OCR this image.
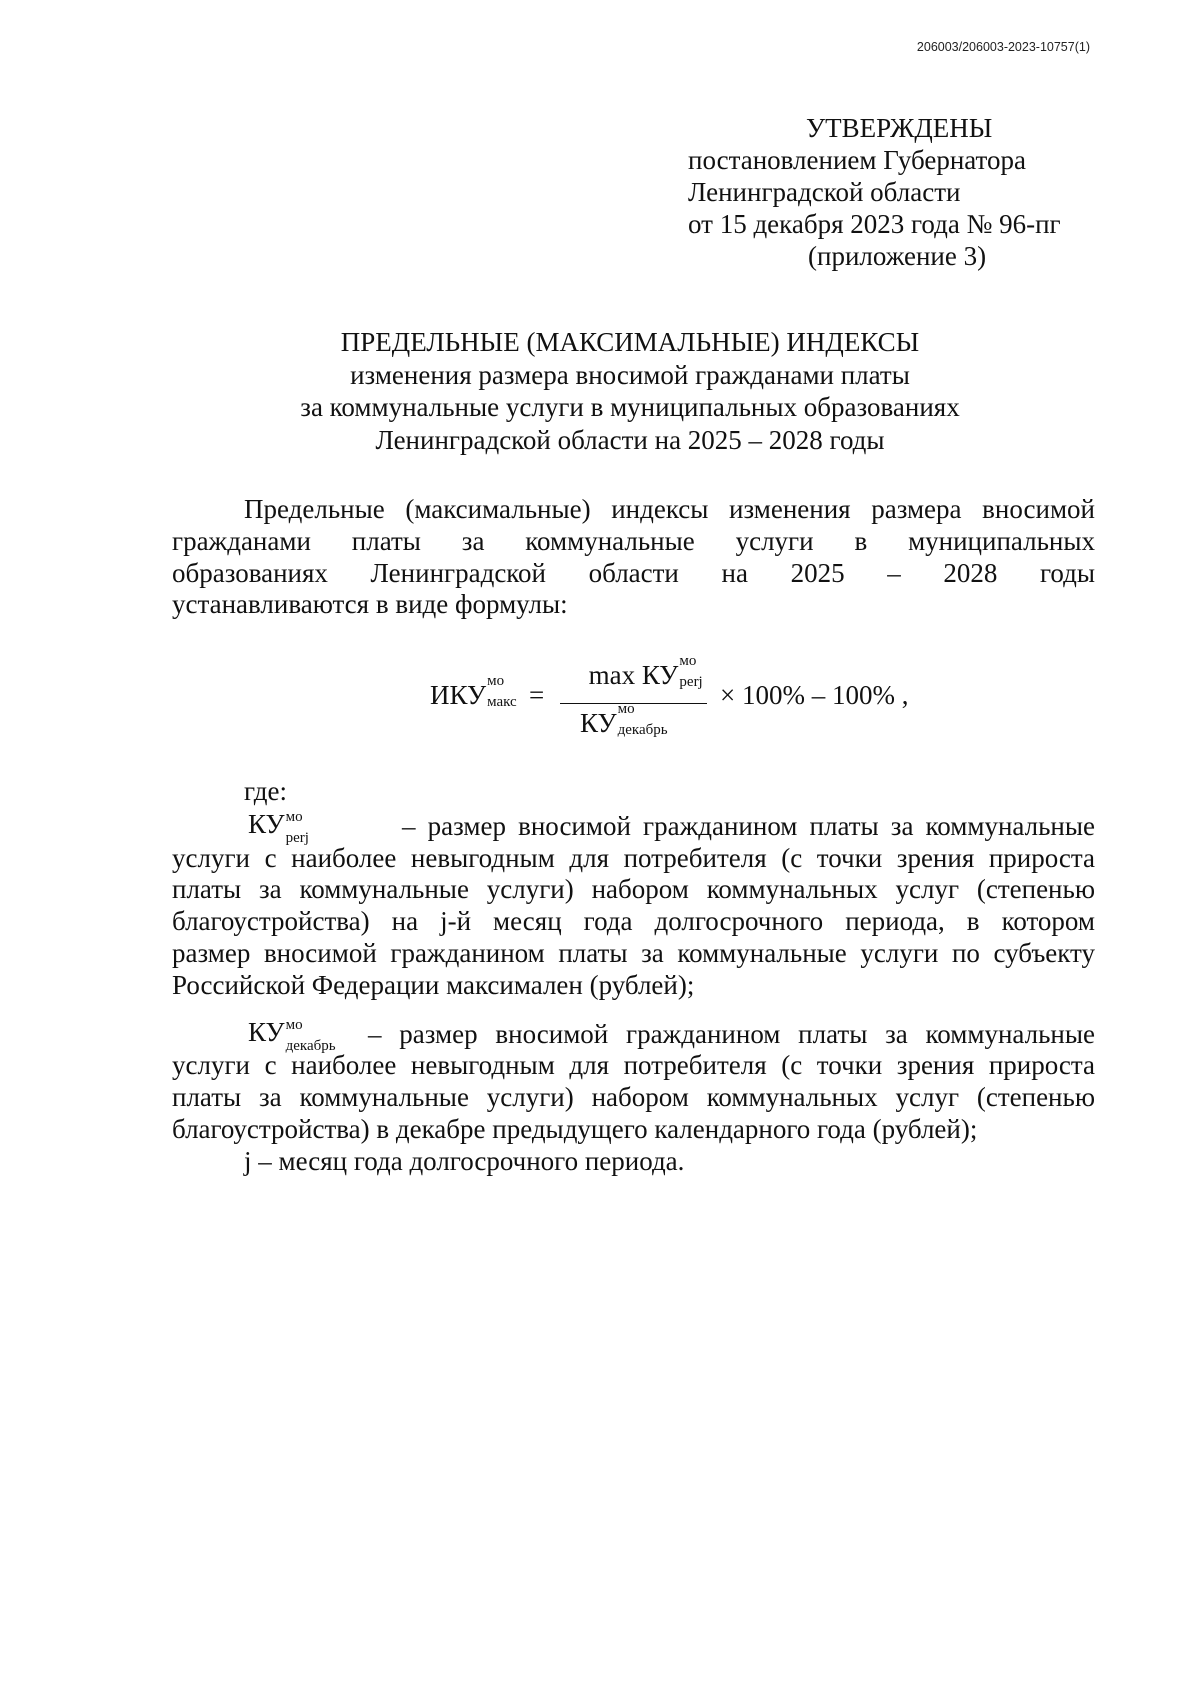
206003/206003-2023-10757(1)
УТВЕРЖДЕНЫ
постановлением Губернатора
Ленинградской области
от 15 декабря 2023 года № 96-пг
(приложение 3)
ПРЕДЕЛЬНЫЕ (МАКСИМАЛЬНЫЕ) ИНДЕКСЫ
изменения размера вносимой гражданами платы
за коммунальные услуги в муниципальных образованиях
Ленинградской области на 2025 – 2028 годы
Предельные (максимальные) индексы изменения размера вносимой
гражданами платы за коммунальные услуги в муниципальных
образованиях Ленинградской области на 2025 – 2028 годы
устанавливаются в виде формулы:
ИКУ мо
макс =
max КУ мо
perj
КУ мо
декабрь
× 100% – 100% ,
где:
КУ мо
perj	– размер вносимой гражданином платы за коммунальные
услуги с наиболее невыгодным для потребителя (с точки зрения прироста
платы за коммунальные услуги) набором коммунальных услуг (степенью
благоустройства) на j-й месяц года долгосрочного периода, в котором
размер вносимой гражданином платы за коммунальные услуги по субъекту
Российской Федерации максимален (рублей);
КУ мо
декабрь – размер вносимой гражданином платы за коммунальные
услуги с наиболее невыгодным для потребителя (с точки зрения прироста
платы за коммунальные услуги) набором коммунальных услуг (степенью
благоустройства) в декабре предыдущего календарного года (рублей);
j – месяц года долгосрочного периода.
